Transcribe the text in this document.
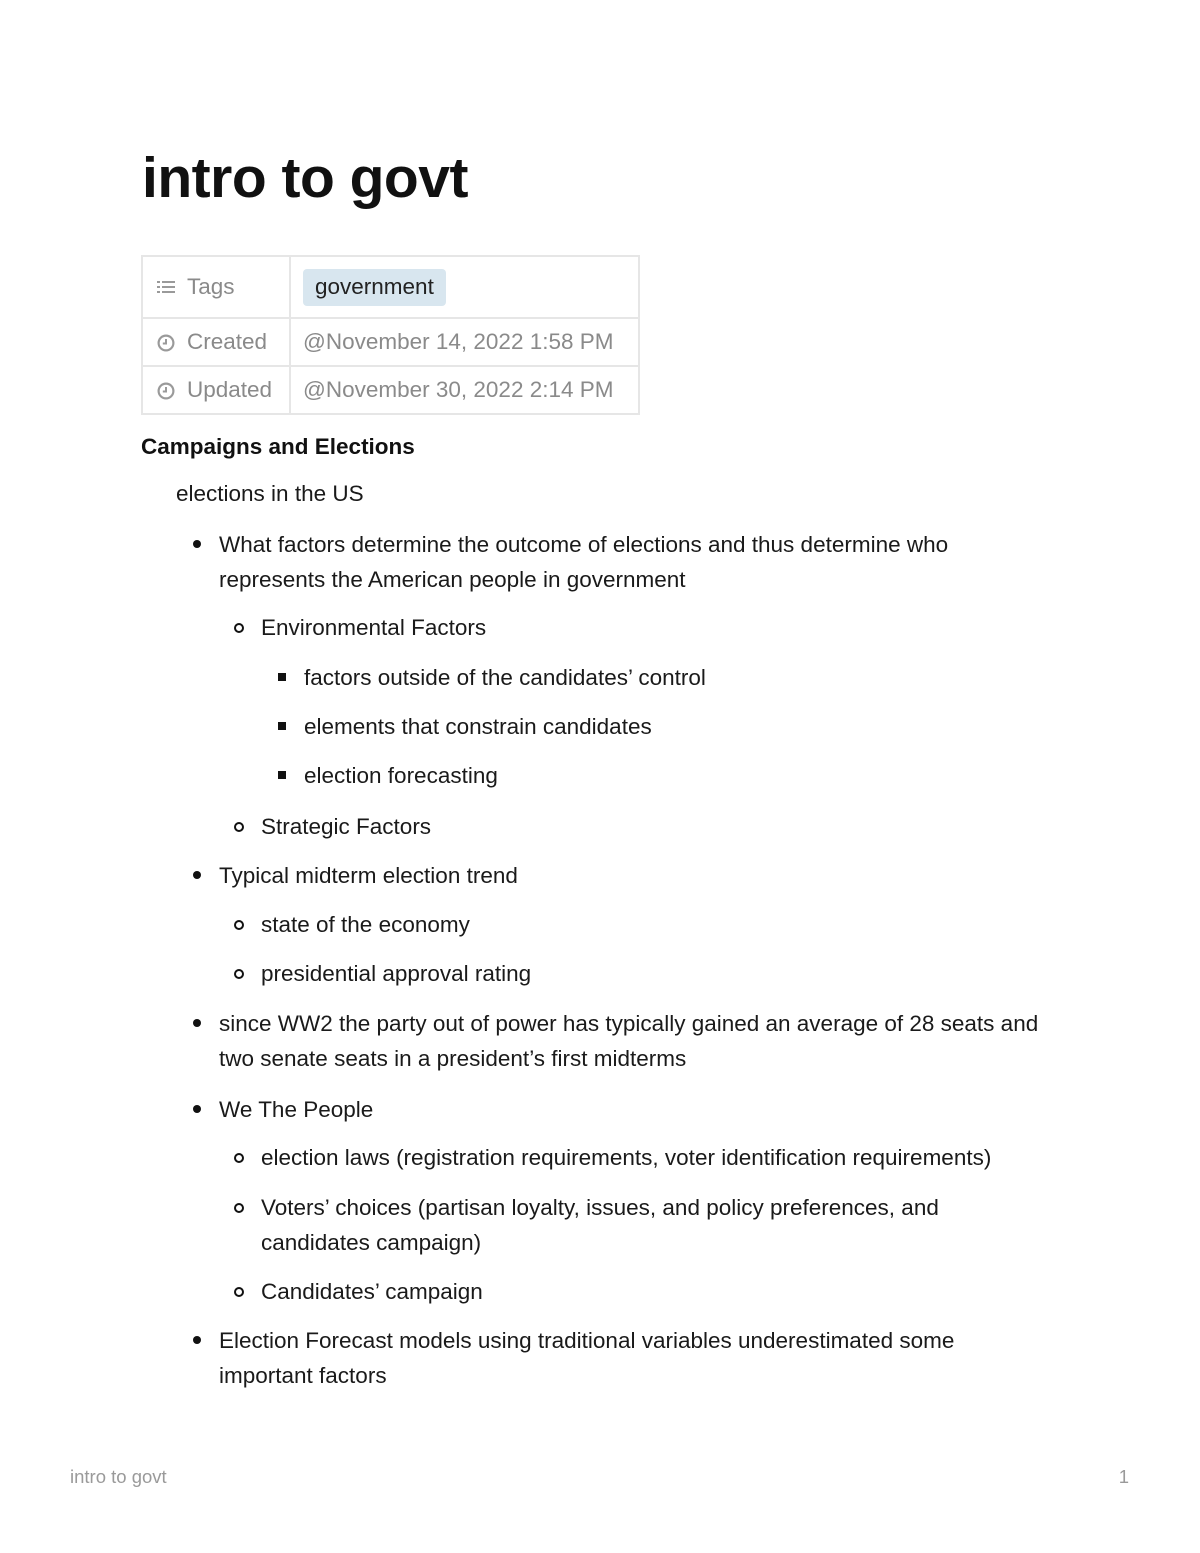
intro to govt
Tags	government
Created	@November 14, 2022 1:58 PM
Updated	@November 30, 2022 2:14 PM
Campaigns and Elections

elections in the US

What factors determine the outcome of elections and thus determine who represents the American people in government

Environmental Factors

factors outside of the candidates’ control

elements that constrain candidates

election forecasting

Strategic Factors

Typical midterm election trend

state of the economy

presidential approval rating

since WW2 the party out of power has typically gained an average of 28 seats and two senate seats in a president’s first midterms

We The People

election laws (registration requirements, voter identification requirements)

Voters’ choices (partisan loyalty, issues, and policy preferences, and candidates campaign)

Candidates’ campaign

Election Forecast models using traditional variables underestimated some important factors

intro to govt	1
